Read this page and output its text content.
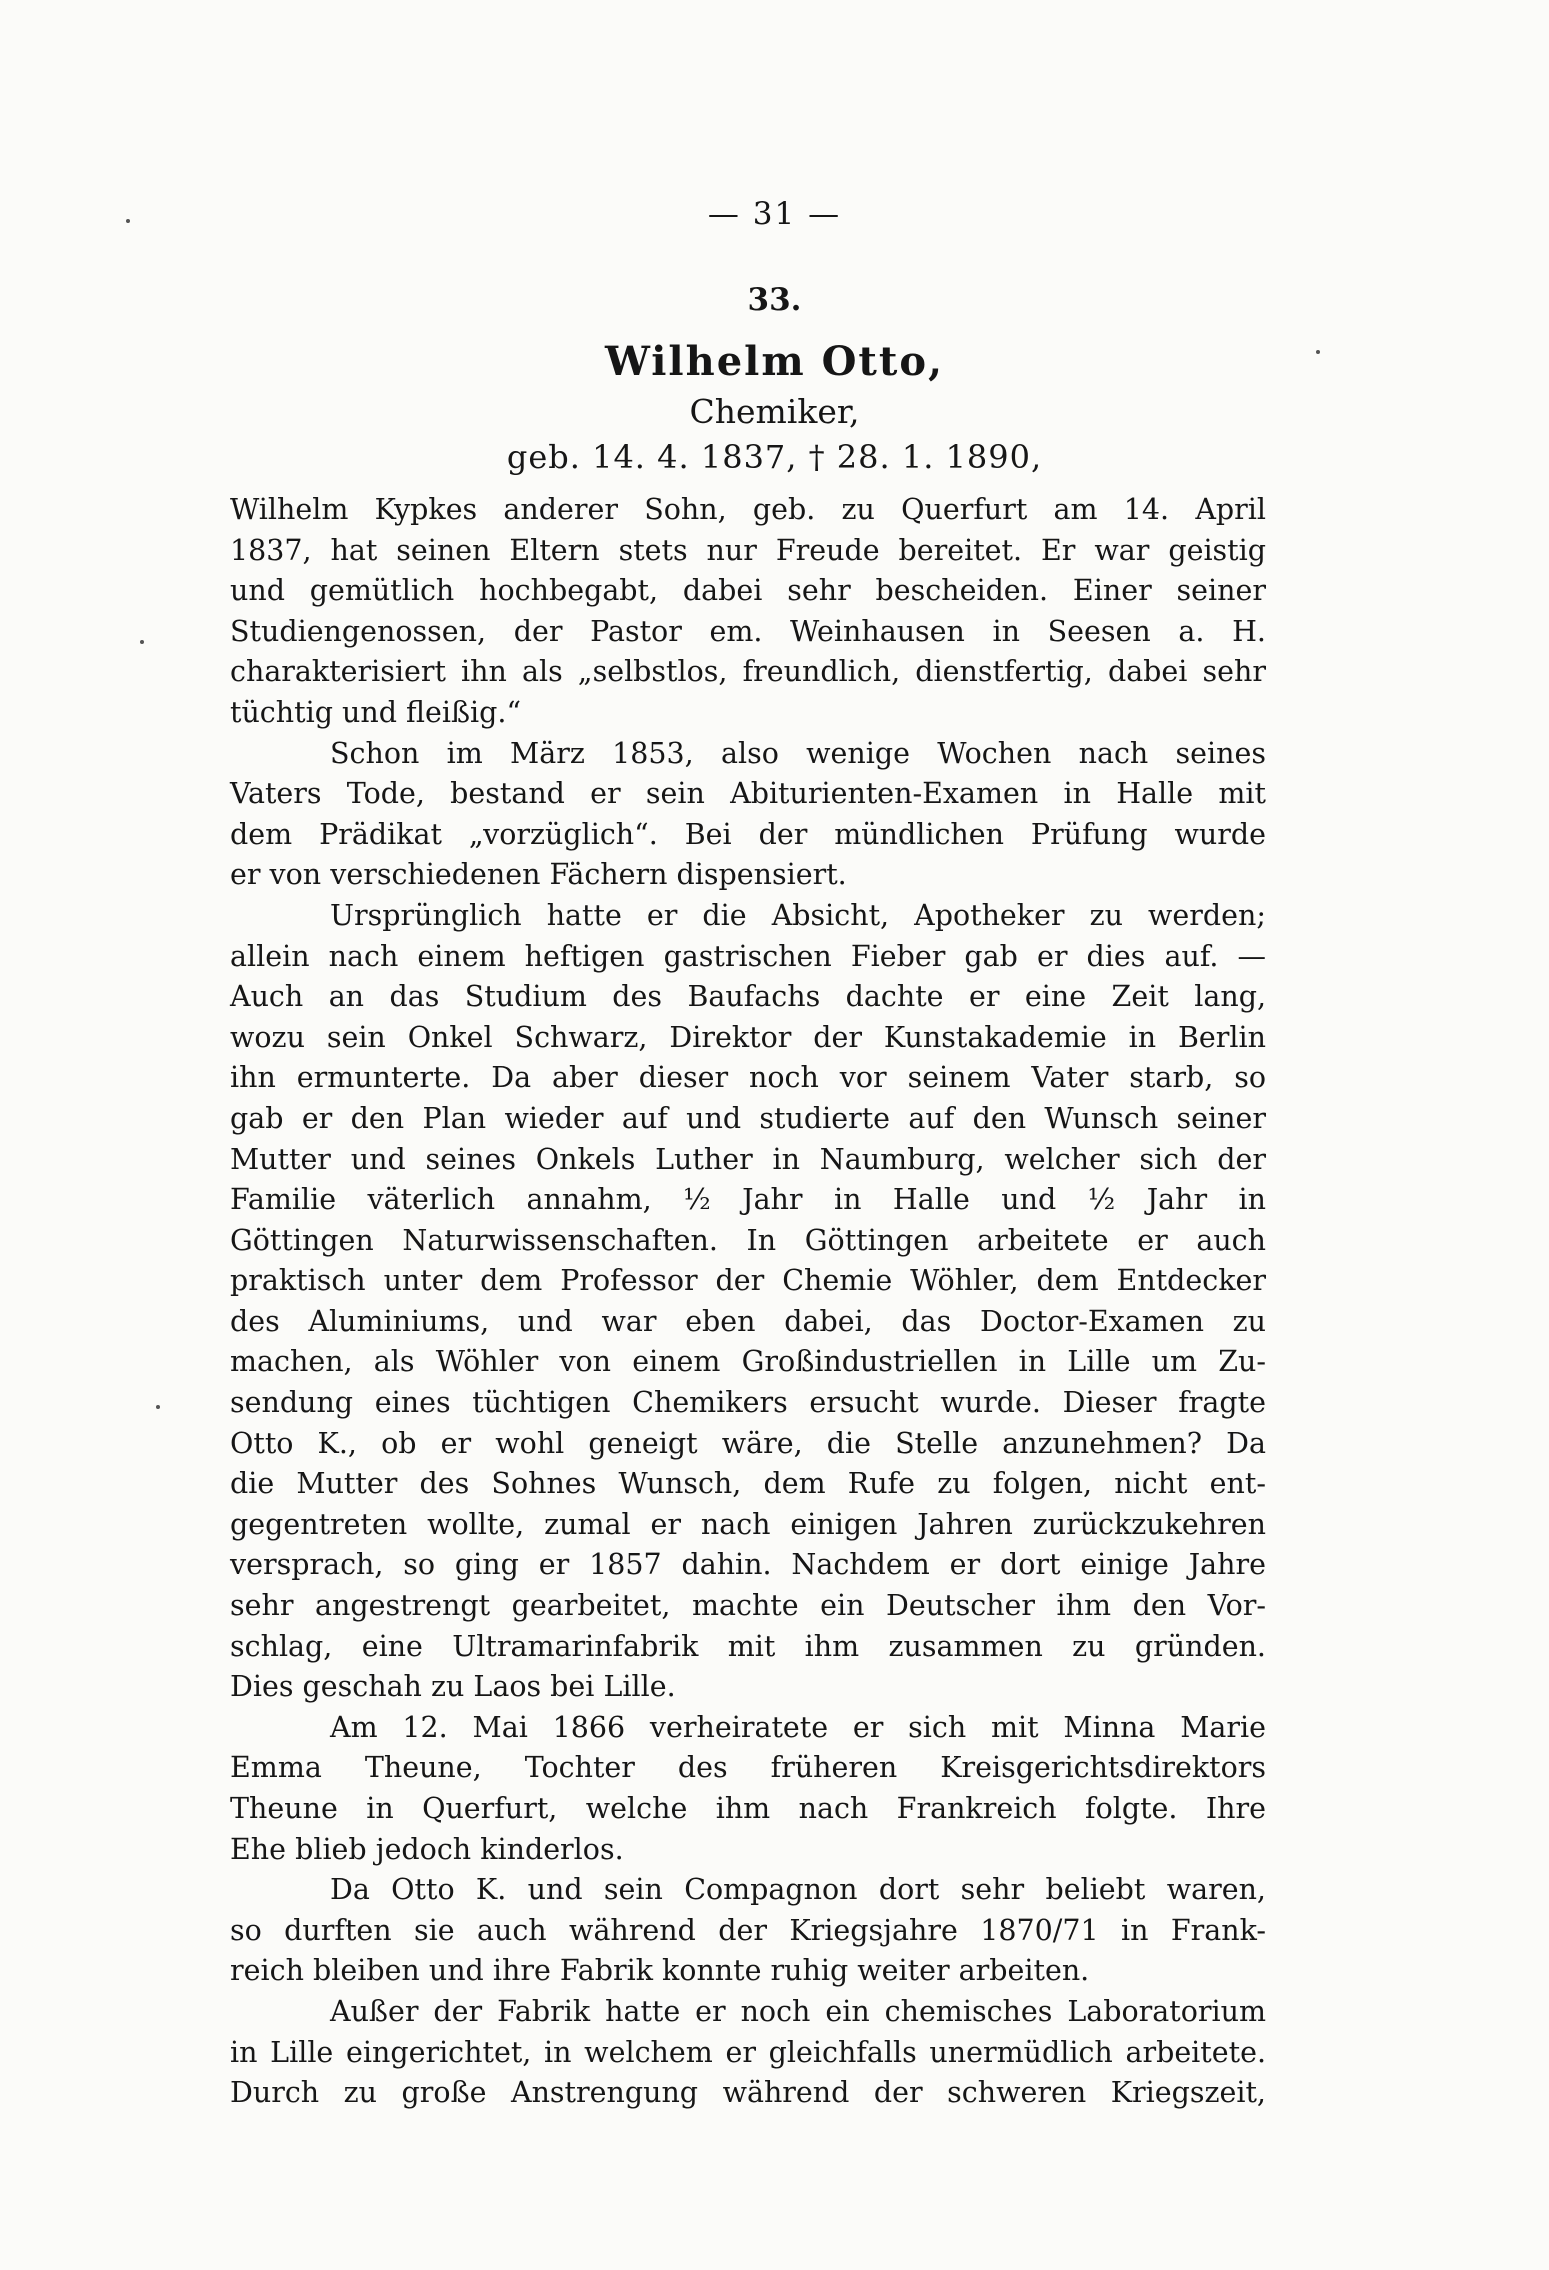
— 31 —
33.
Wilhelm Otto,
Chemiker,
geb. 14. 4. 1837, † 28. 1. 1890,
Wilhelm Kypkes anderer Sohn, geb. zu Querfurt am 14. April
1837, hat seinen Eltern stets nur Freude bereitet. Er war geistig
und gemütlich hochbegabt, dabei sehr bescheiden. Einer seiner
Studiengenossen, der Pastor em. Weinhausen in Seesen a. H.
charakterisiert ihn als „selbstlos, freundlich, dienstfertig, dabei sehr
tüchtig und fleißig.“
Schon im März 1853, also wenige Wochen nach seines
Vaters Tode, bestand er sein Abiturienten-Examen in Halle mit
dem Prädikat „vorzüglich“. Bei der mündlichen Prüfung wurde
er von verschiedenen Fächern dispensiert.
Ursprünglich hatte er die Absicht, Apotheker zu werden;
allein nach einem heftigen gastrischen Fieber gab er dies auf. —
Auch an das Studium des Baufachs dachte er eine Zeit lang,
wozu sein Onkel Schwarz, Direktor der Kunstakademie in Berlin
ihn ermunterte. Da aber dieser noch vor seinem Vater starb, so
gab er den Plan wieder auf und studierte auf den Wunsch seiner
Mutter und seines Onkels Luther in Naumburg, welcher sich der
Familie väterlich annahm, ½ Jahr in Halle und ½ Jahr in
Göttingen Naturwissenschaften. In Göttingen arbeitete er auch
praktisch unter dem Professor der Chemie Wöhler, dem Entdecker
des Aluminiums, und war eben dabei, das Doctor-Examen zu
machen, als Wöhler von einem Großindustriellen in Lille um Zu-
sendung eines tüchtigen Chemikers ersucht wurde. Dieser fragte
Otto K., ob er wohl geneigt wäre, die Stelle anzunehmen? Da
die Mutter des Sohnes Wunsch, dem Rufe zu folgen, nicht ent-
gegentreten wollte, zumal er nach einigen Jahren zurückzukehren
versprach, so ging er 1857 dahin. Nachdem er dort einige Jahre
sehr angestrengt gearbeitet, machte ein Deutscher ihm den Vor-
schlag, eine Ultramarinfabrik mit ihm zusammen zu gründen.
Dies geschah zu Laos bei Lille.
Am 12. Mai 1866 verheiratete er sich mit Minna Marie
Emma Theune, Tochter des früheren Kreisgerichtsdirektors
Theune in Querfurt, welche ihm nach Frankreich folgte. Ihre
Ehe blieb jedoch kinderlos.
Da Otto K. und sein Compagnon dort sehr beliebt waren,
so durften sie auch während der Kriegsjahre 1870/71 in Frank-
reich bleiben und ihre Fabrik konnte ruhig weiter arbeiten.
Außer der Fabrik hatte er noch ein chemisches Laboratorium
in Lille eingerichtet, in welchem er gleichfalls unermüdlich arbeitete.
Durch zu große Anstrengung während der schweren Kriegszeit,
